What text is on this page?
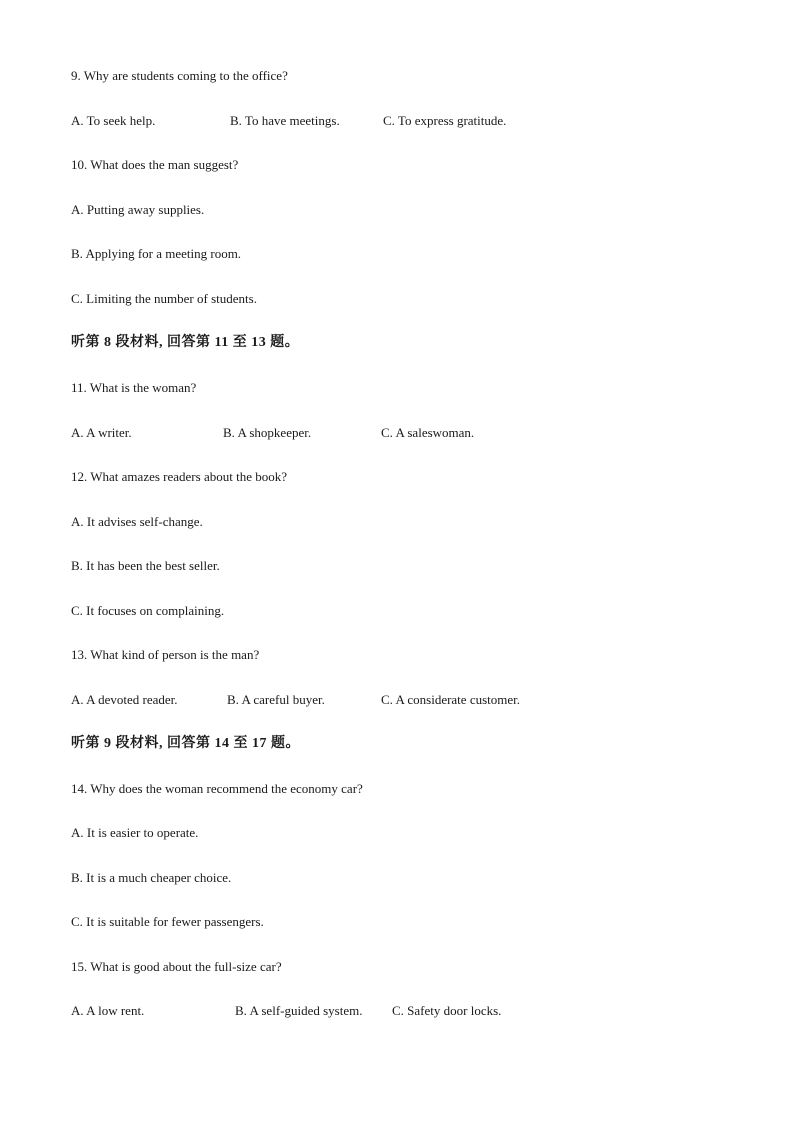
9. Why are students coming to the office?
A. To seek help.	B. To have meetings.	C. To express gratitude.
10. What does the man suggest?
A. Putting away supplies.
B. Applying for a meeting room.
C. Limiting the number of students.
听第 8 段材料, 回答第 11 至 13 题。
11. What is the woman?
A. A writer.	B. A shopkeeper.	C. A saleswoman.
12. What amazes readers about the book?
A. It advises self-change.
B. It has been the best seller.
C. It focuses on complaining.
13. What kind of person is the man?
A. A devoted reader.	B. A careful buyer.	C. A considerate customer.
听第 9 段材料, 回答第 14 至 17 题。
14. Why does the woman recommend the economy car?
A. It is easier to operate.
B. It is a much cheaper choice.
C. It is suitable for fewer passengers.
15. What is good about the full-size car?
A. A low rent.	B. A self-guided system. C. Safety door locks.
